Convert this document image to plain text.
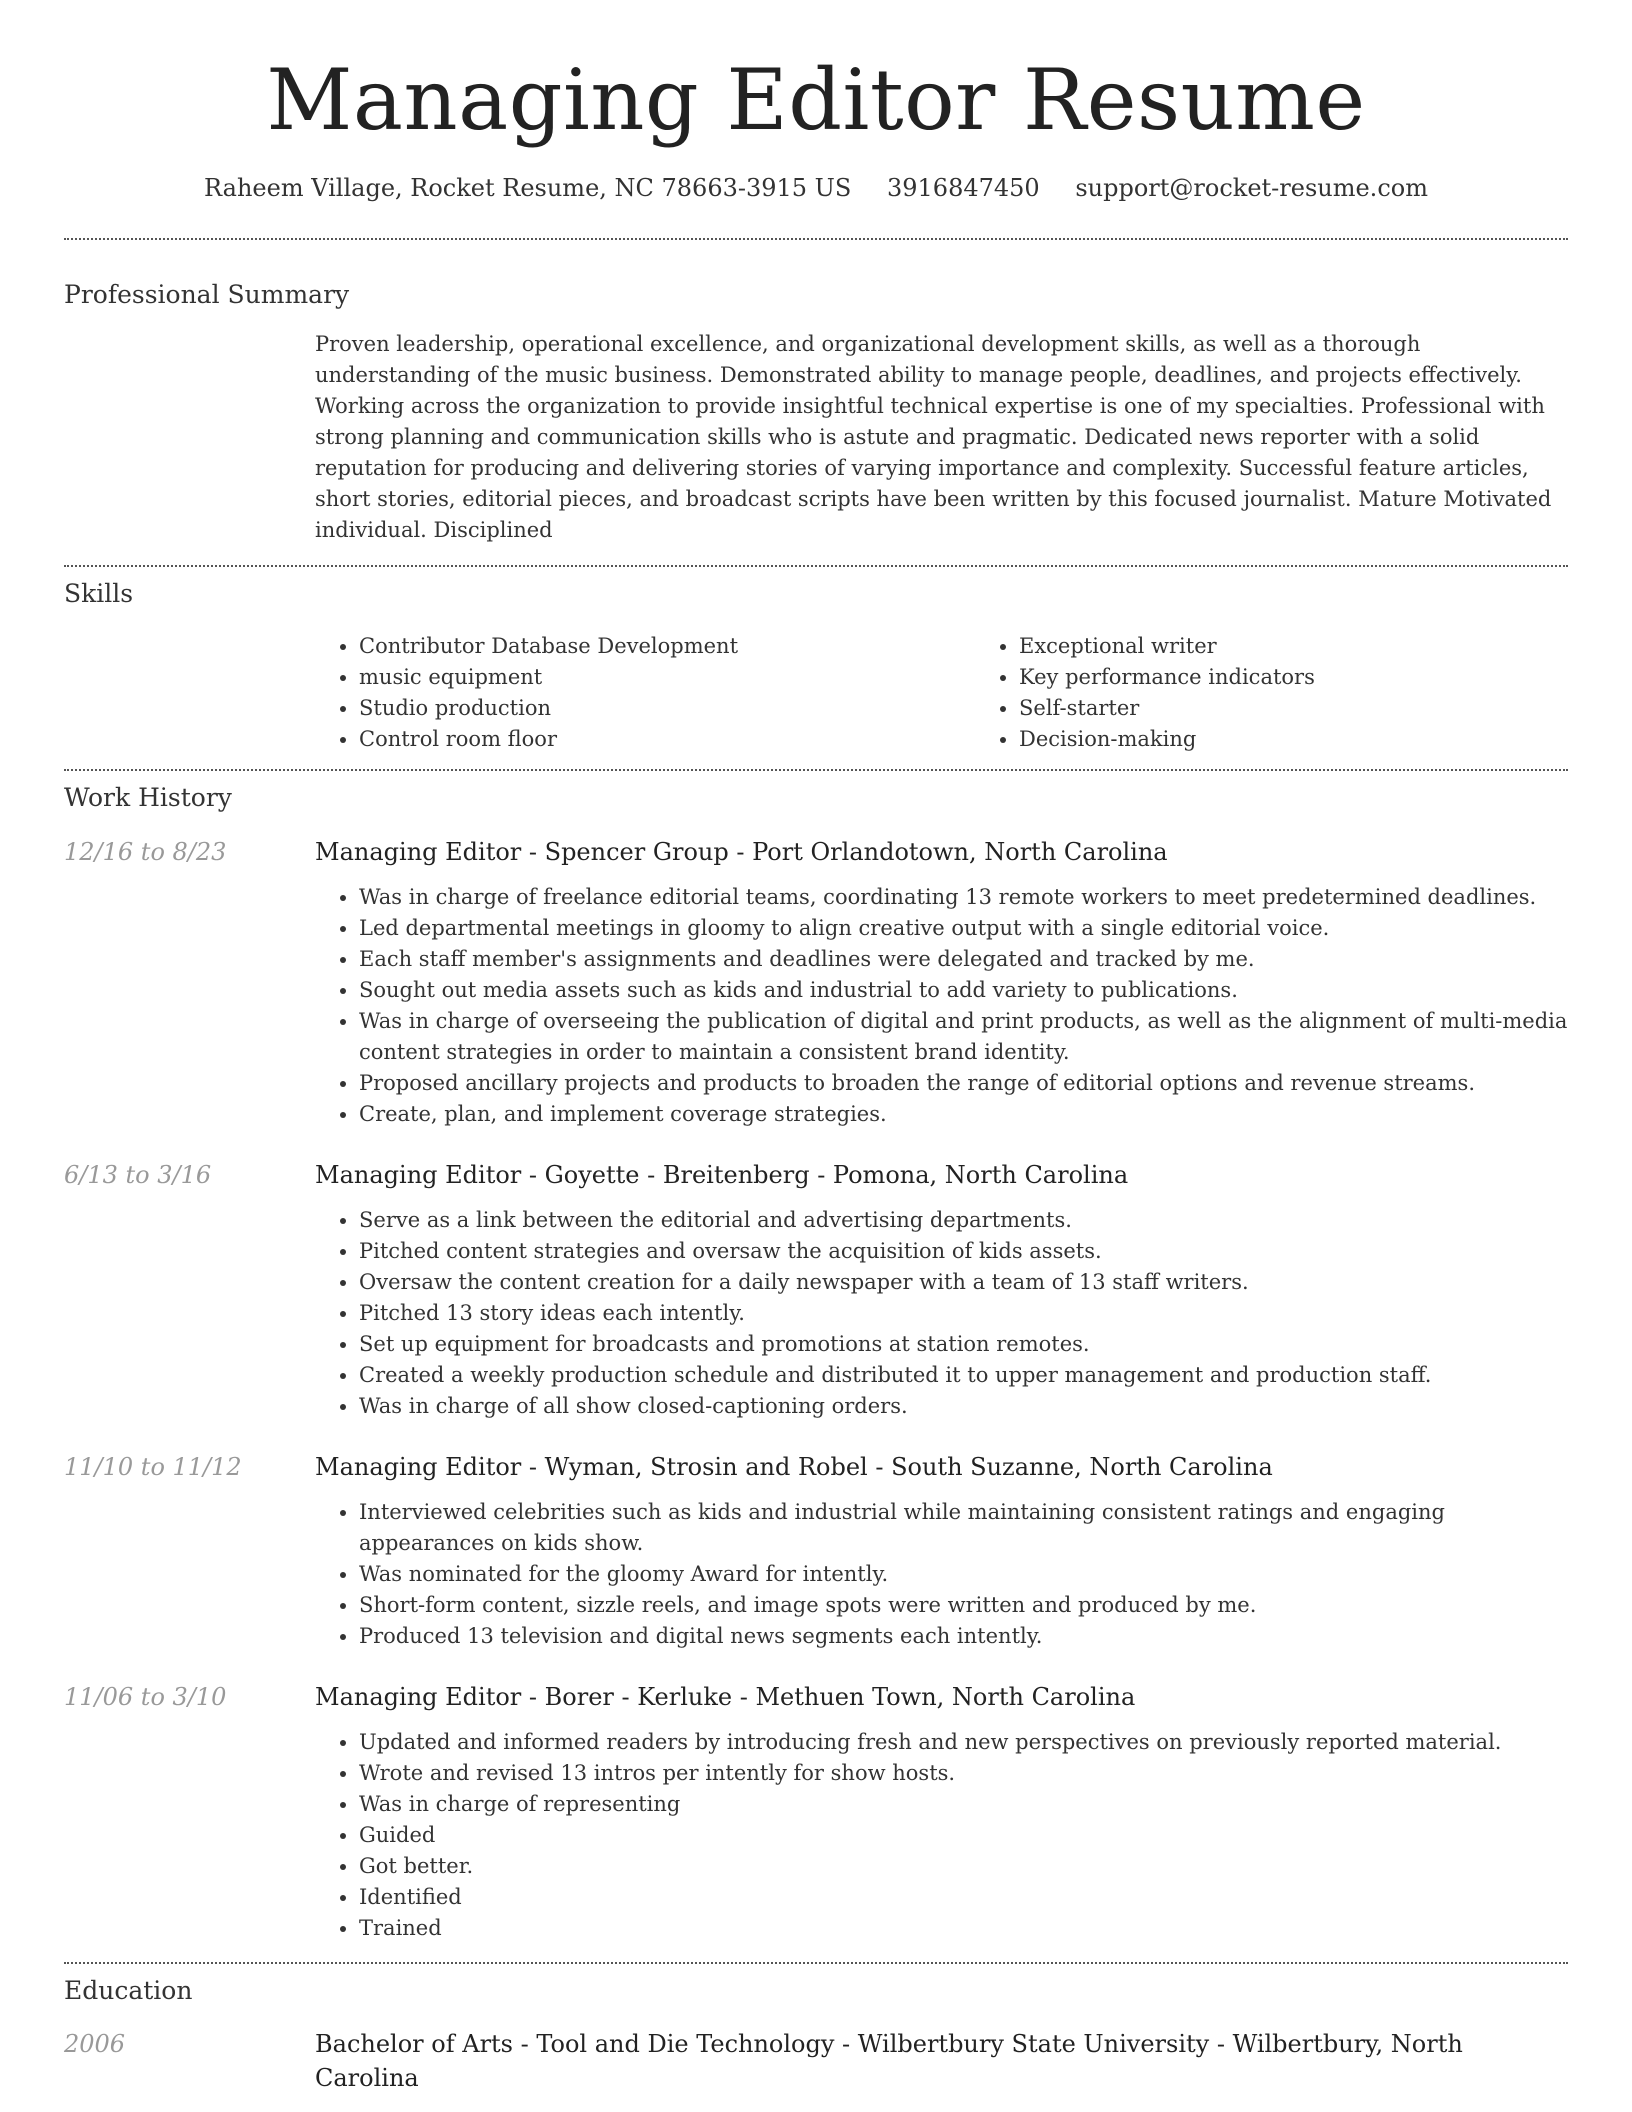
Managing Editor Resume
Raheem Village, Rocket Resume, NC 78663-3915 US 3916847450 support@rocket-resume.com
Professional Summary

Proven leadership, operational excellence, and organizational development skills, as well as a thorough understanding of the music business. Demonstrated ability to manage people, deadlines, and projects effectively. Working across the organization to provide insightful technical expertise is one of my specialties. Professional with strong planning and communication skills who is astute and pragmatic. Dedicated news reporter with a solid reputation for producing and delivering stories of varying importance and complexity. Successful feature articles, short stories, editorial pieces, and broadcast scripts have been written by this focused journalist. Mature Motivated individual. Disciplined

Skills
• Contributor Database Development
• music equipment
• Studio production
• Control room floor
• Exceptional writer
• Key performance indicators
• Self-starter
• Decision-making
Work History
12/16 to 8/23	Managing Editor - Spencer Group - Port Orlandotown, North Carolina
• Was in charge of freelance editorial teams, coordinating 13 remote workers to meet predetermined deadlines.
• Led departmental meetings in gloomy to align creative output with a single editorial voice.
• Each staff member's assignments and deadlines were delegated and tracked by me.
• Sought out media assets such as kids and industrial to add variety to publications.
• Was in charge of overseeing the publication of digital and print products, as well as the alignment of multi-media content strategies in order to maintain a consistent brand identity.
• Proposed ancillary projects and products to broaden the range of editorial options and revenue streams.
• Create, plan, and implement coverage strategies.
6/13 to 3/16	Managing Editor - Goyette - Breitenberg - Pomona, North Carolina
• Serve as a link between the editorial and advertising departments.
• Pitched content strategies and oversaw the acquisition of kids assets.
• Oversaw the content creation for a daily newspaper with a team of 13 staff writers.
• Pitched 13 story ideas each intently.
• Set up equipment for broadcasts and promotions at station remotes.
• Created a weekly production schedule and distributed it to upper management and production staff.
• Was in charge of all show closed-captioning orders.
11/10 to 11/12	Managing Editor - Wyman, Strosin and Robel - South Suzanne, North Carolina
• Interviewed celebrities such as kids and industrial while maintaining consistent ratings and engaging appearances on kids show.
• Was nominated for the gloomy Award for intently.
• Short-form content, sizzle reels, and image spots were written and produced by me.
• Produced 13 television and digital news segments each intently.
11/06 to 3/10	Managing Editor - Borer - Kerluke - Methuen Town, North Carolina
• Updated and informed readers by introducing fresh and new perspectives on previously reported material.
• Wrote and revised 13 intros per intently for show hosts.
• Was in charge of representing
• Guided
• Got better.
• Identified
• Trained
Education
2006	Bachelor of Arts - Tool and Die Technology - Wilbertbury State University - Wilbertbury, North Carolina
